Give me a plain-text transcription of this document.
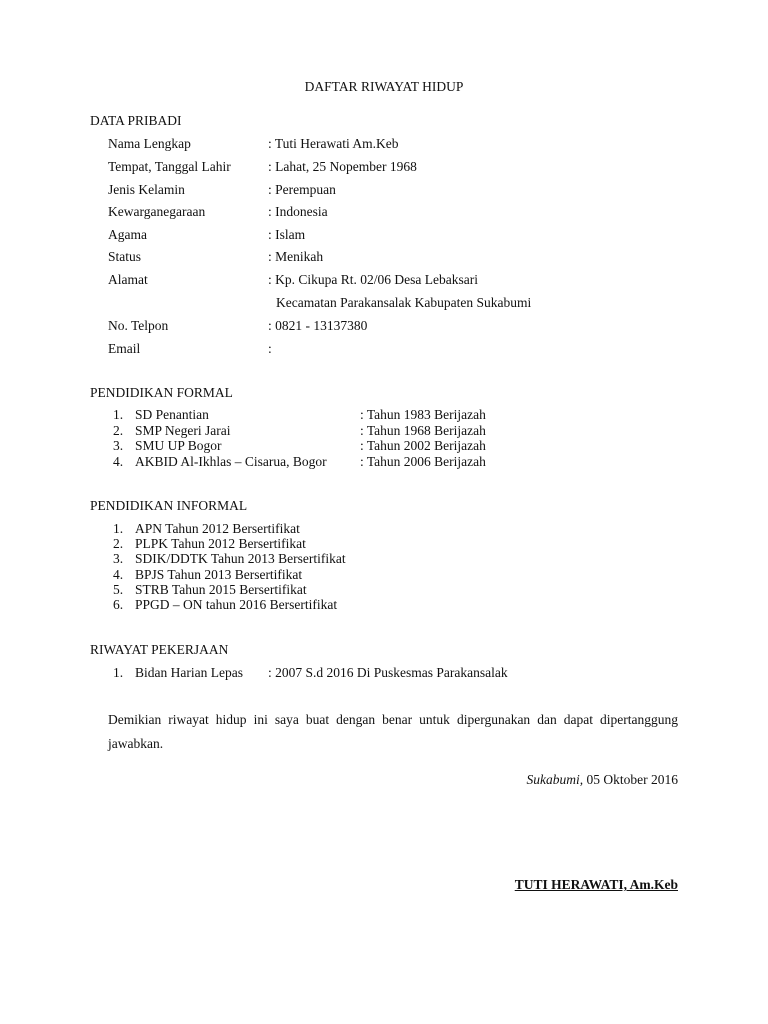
DAFTAR RIWAYAT HIDUP
DATA PRIBADI
Nama Lengkap	: Tuti Herawati Am.Keb
Tempat, Tanggal Lahir	: Lahat, 25 Nopember 1968
Jenis Kelamin	: Perempuan
Kewarganegaraan	: Indonesia
Agama	: Islam
Status	: Menikah
Alamat	: Kp. Cikupa Rt. 02/06 Desa Lebaksari
Kecamatan Parakansalak Kabupaten Sukabumi
No. Telpon	: 0821 - 13137380
Email	:
PENDIDIKAN FORMAL
1. SD Penantian	: Tahun 1983 Berijazah
2. SMP Negeri Jarai	: Tahun 1968 Berijazah
3. SMU UP Bogor	: Tahun 2002 Berijazah
4. AKBID Al-Ikhlas – Cisarua, Bogor : Tahun 2006 Berijazah
PENDIDIKAN INFORMAL
1. APN Tahun 2012 Bersertifikat
2. PLPK Tahun 2012 Bersertifikat
3. SDIK/DDTK Tahun 2013 Bersertifikat
4. BPJS Tahun 2013 Bersertifikat
5. STRB Tahun 2015 Bersertifikat
6. PPGD – ON tahun 2016 Bersertifikat
RIWAYAT PEKERJAAN
1. Bidan Harian Lepas : 2007 S.d 2016 Di Puskesmas Parakansalak
Demikian riwayat hidup ini saya buat dengan benar untuk dipergunakan dan dapat dipertanggung jawabkan.
Sukabumi, 05 Oktober 2016
TUTI HERAWATI, Am.Keb
